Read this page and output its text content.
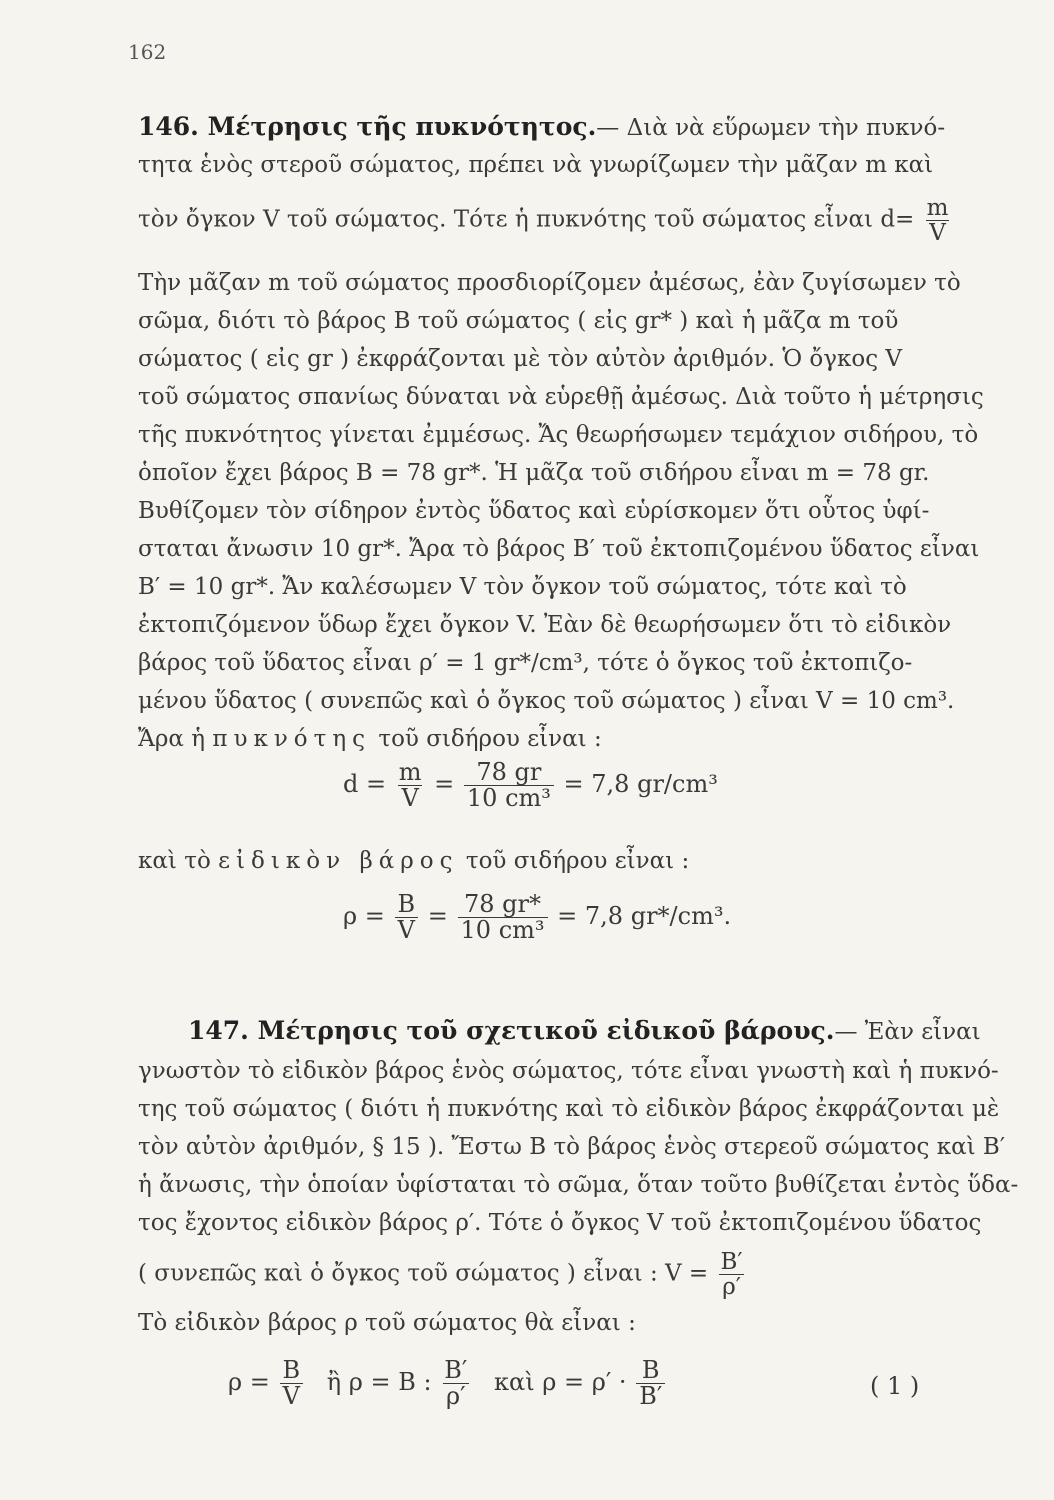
162
146. Μέτρησις τῆς πυκνότητος.— Διὰ νὰ εὕρωμεν τὴν πυκνό-
τητα ἑνὸς στεροῦ σώματος, πρέπει νὰ γνωρίζωμεν τὴν μᾶζαν m καὶ
τὸν ὄγκον V τοῦ σώματος. Τότε ἡ πυκνότης τοῦ σώματος εἶναι $d= \frac{m}{V}$
Τὴν μᾶζαν m τοῦ σώματος προσδιορίζομεν ἀμέσως, ἐὰν ζυγίσωμεν τὸ
σῶμα, διότι τὸ βάρος B τοῦ σώματος ( εἰς gr* ) καὶ ἡ μᾶζα m τοῦ
σώματος ( εἰς gr ) ἐκφράζονται μὲ τὸν αὐτὸν ἀριθμόν. Ὁ ὄγκος V
τοῦ σώματος σπανίως δύναται νὰ εὑρεθῇ ἀμέσως. Διὰ τοῦτο ἡ μέτρησις
τῆς πυκνότητος γίνεται ἐμμέσως. Ἄς θεωρήσωμεν τεμάχιον σιδήρου, τὸ
ὁποῖον ἔχει βάρος B = 78 gr*. Ἡ μᾶζα τοῦ σιδήρου εἶναι m = 78 gr.
Βυθίζομεν τὸν σίδηρον ἐντὸς ὕδατος καὶ εὑρίσκομεν ὅτι οὗτος ὑφί-
σταται ἄνωσιν 10 gr*. Ἄρα τὸ βάρος B′ τοῦ ἐκτοπιζομένου ὕδατος εἶναι
B′ = 10 gr*. Ἄν καλέσωμεν V τὸν ὄγκον τοῦ σώματος, τότε καὶ τὸ
ἐκτοπιζόμενον ὕδωρ ἔχει ὄγκον V. Ἐὰν δὲ θεωρήσωμεν ὅτι τὸ εἰδικὸν
βάρος τοῦ ὕδατος εἶναι ρ′ = 1 gr*/cm³, τότε ὁ ὄγκος τοῦ ἐκτοπιζο-
μένου ὕδατος ( συνεπῶς καὶ ὁ ὄγκος τοῦ σώματος ) εἶναι V = 10 cm³.
Ἄρα ἡ πυκνότης τοῦ σιδήρου εἶναι :
$d = \frac{m}{V} = \frac{78 gr}{\text{10 cm³}} = 7,8$ gr/cm³
καὶ τὸ εἰδικὸν βάρος τοῦ σιδήρου εἶναι :
$\rho = \frac{B}{V} = \frac{78 gr*}{\text{10 cm³}} = 7,8$ gr*/cm³.
147. Μέτρησις τοῦ σχετικοῦ εἰδικοῦ βάρους.— Ἐὰν εἶναι
γνωστὸν τὸ εἰδικὸν βάρος ἑνὸς σώματος, τότε εἶναι γνωστὴ καὶ ἡ πυκνό-
της τοῦ σώματος ( διότι ἡ πυκνότης καὶ τὸ εἰδικὸν βάρος ἐκφράζονται μὲ
τὸν αὐτὸν ἀριθμόν, § 15 ). Ἔστω B τὸ βάρος ἑνὸς στερεοῦ σώματος καὶ B′
ἡ ἄνωσις, τὴν ὁποίαν ὑφίσταται τὸ σῶμα, ὅταν τοῦτο βυθίζεται ἐντὸς ὕδα-
τος ἔχοντος εἰδικὸν βάρος ρ′. Τότε ὁ ὄγκος V τοῦ ἐκτοπιζομένου ὕδατος
( συνεπῶς καὶ ὁ ὄγκος τοῦ σώματος ) εἶναι : $V = \frac{B'}{\rho'}$
Τὸ εἰδικὸν βάρος ρ τοῦ σώματος θὰ εἶναι :
$\rho = \frac{B}{V}$ ἢ ρ = B : $\frac{B'}{\rho'}$ καὶ $\rho = \rho' \cdot \frac{B}{B'}$	( 1 )
